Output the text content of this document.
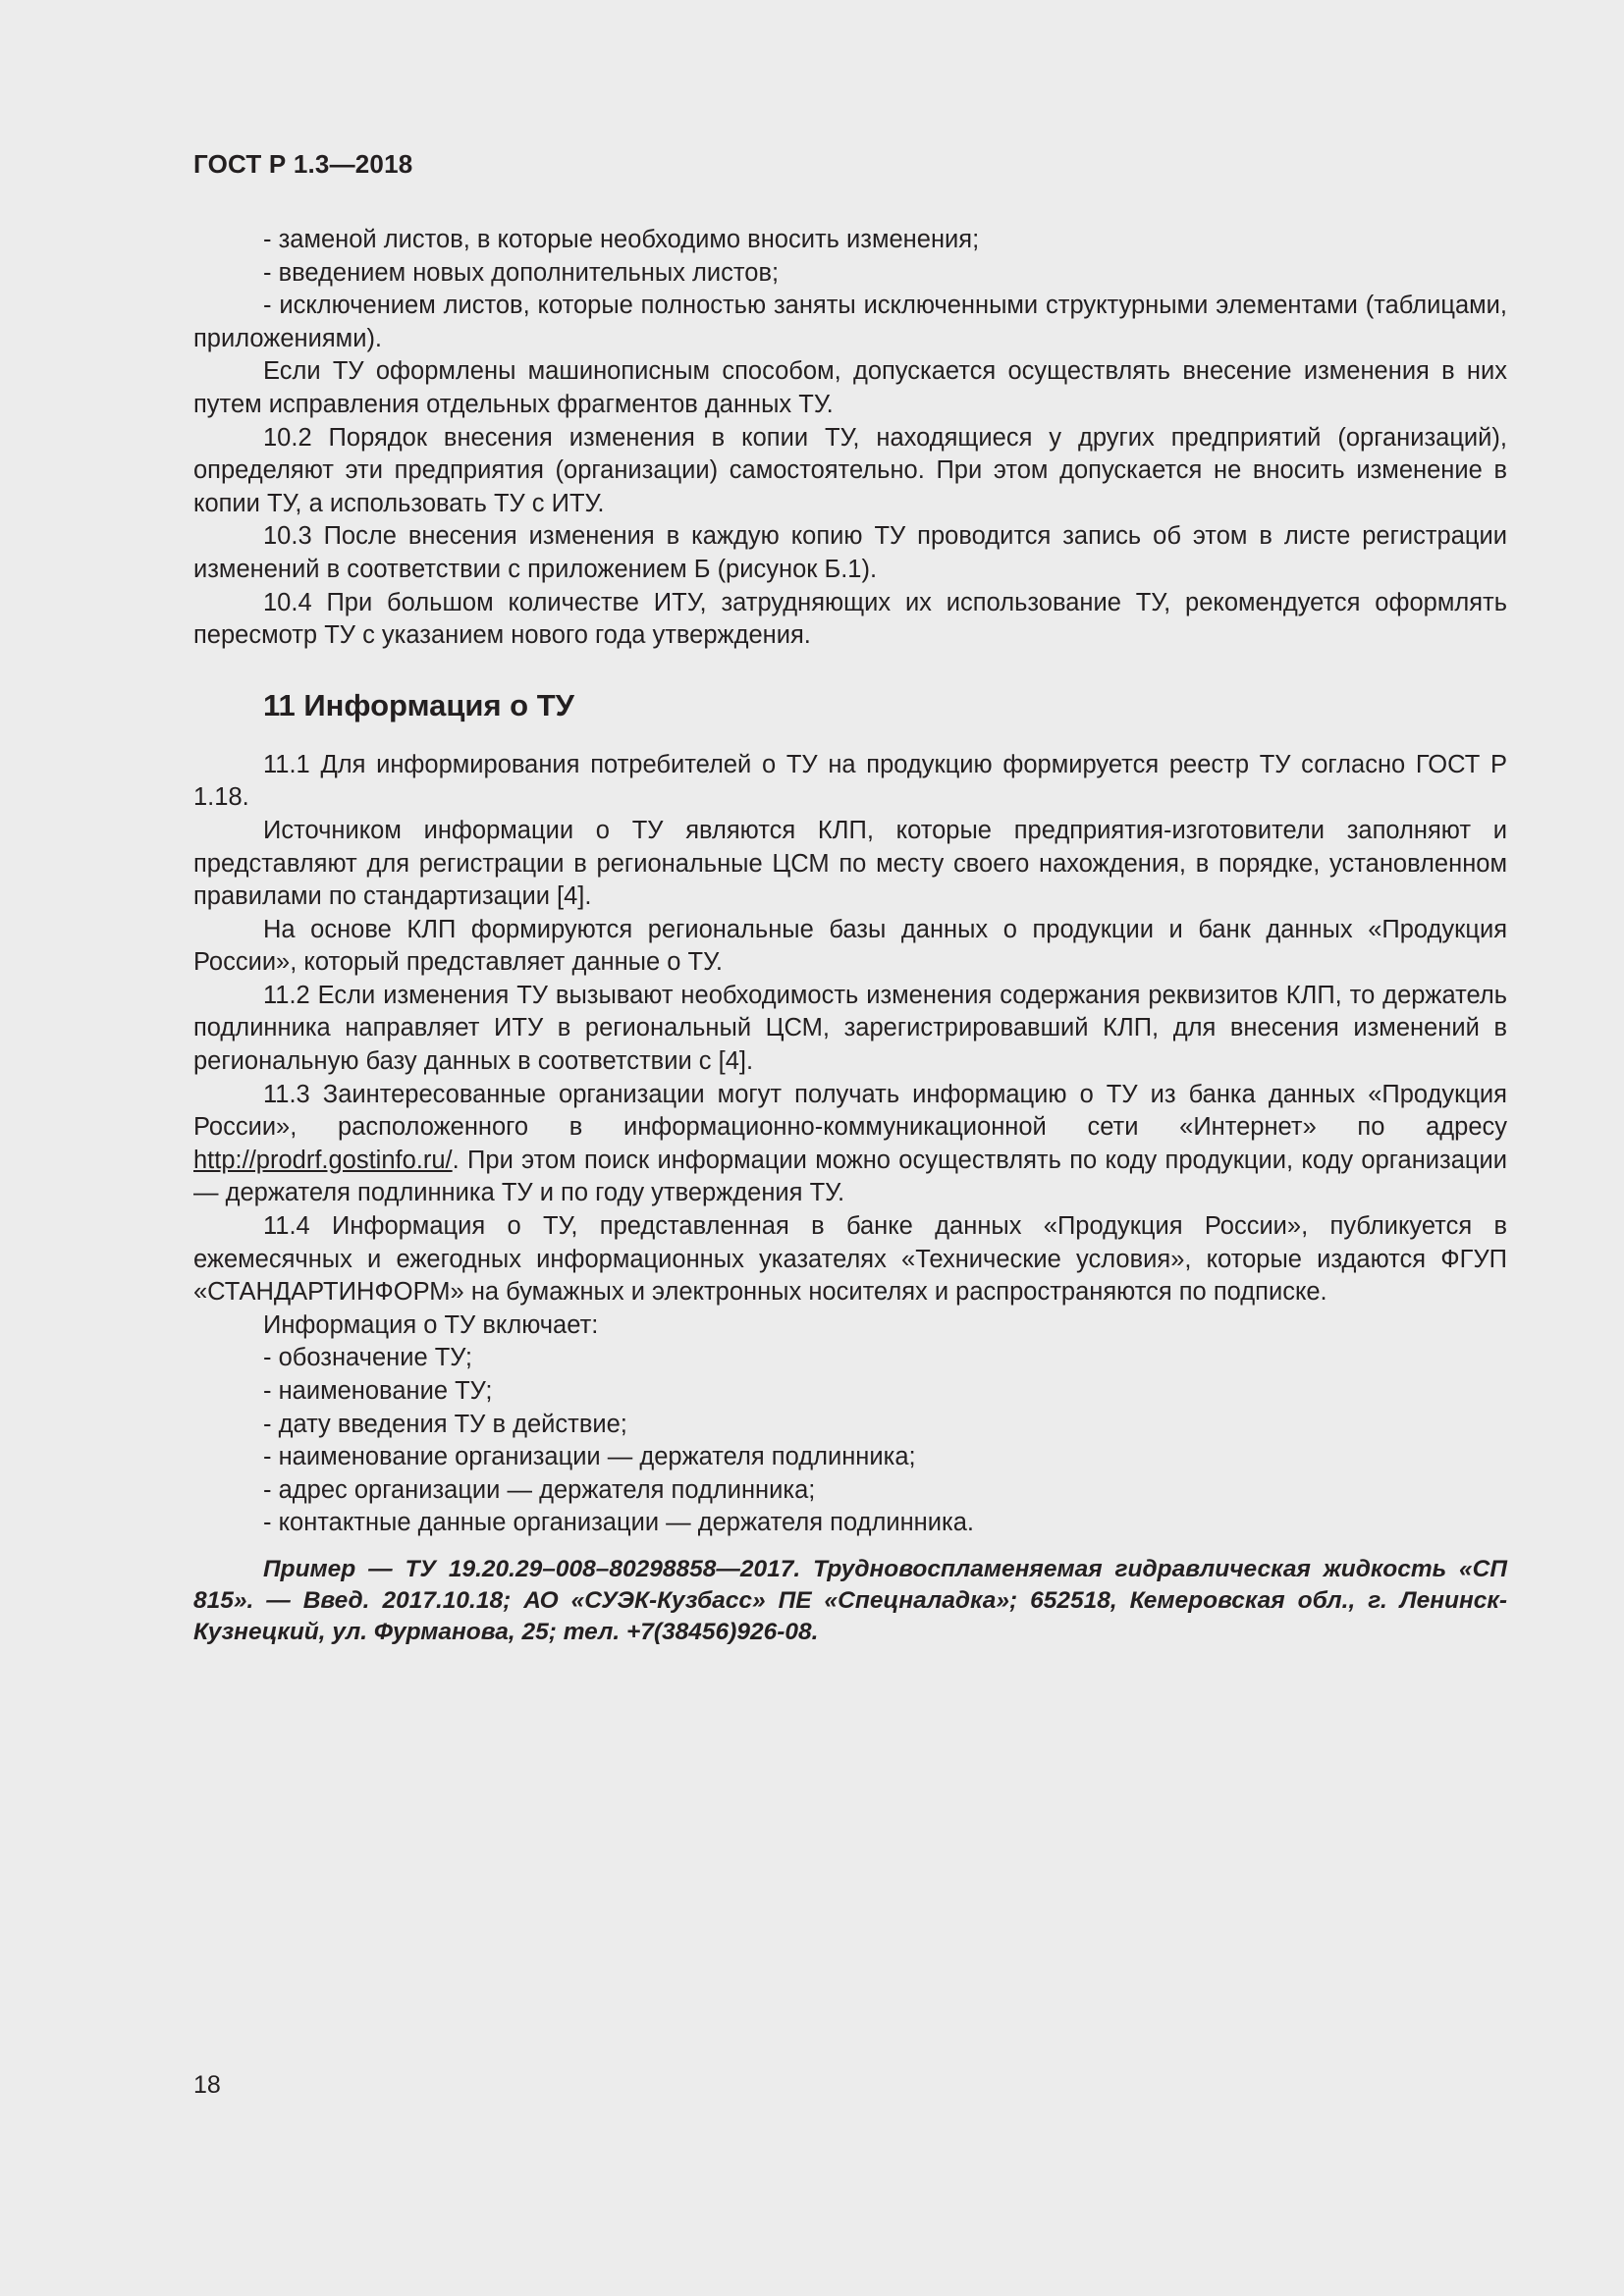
ГОСТ Р 1.3—2018

- заменой листов, в которые необходимо вносить изменения;

- введением новых дополнительных листов;

- исключением листов, которые полностью заняты исключенными структурными элементами (таблицами, приложениями).

Если ТУ оформлены машинописным способом, допускается осуществлять внесение изменения в них путем исправления отдельных фрагментов данных ТУ.

10.2 Порядок внесения изменения в копии ТУ, находящиеся у других предприятий (организаций), определяют эти предприятия (организации) самостоятельно. При этом допускается не вносить изменение в копии ТУ, а использовать ТУ с ИТУ.

10.3 После внесения изменения в каждую копию ТУ проводится запись об этом в листе регистрации изменений в соответствии с приложением Б (рисунок Б.1).

10.4 При большом количестве ИТУ, затрудняющих их использование ТУ, рекомендуется оформлять пересмотр ТУ с указанием нового года утверждения.

11 Информация о ТУ

11.1 Для информирования потребителей о ТУ на продукцию формируется реестр ТУ согласно ГОСТ Р 1.18.

Источником информации о ТУ являются КЛП, которые предприятия-изготовители заполняют и представляют для регистрации в региональные ЦСМ по месту своего нахождения, в порядке, установленном правилами по стандартизации [4].

На основе КЛП формируются региональные базы данных о продукции и банк данных «Продукция России», который представляет данные о ТУ.

11.2 Если изменения ТУ вызывают необходимость изменения содержания реквизитов КЛП, то держатель подлинника направляет ИТУ в региональный ЦСМ, зарегистрировавший КЛП, для внесения изменений в региональную базу данных в соответствии с [4].

11.3 Заинтересованные организации могут получать информацию о ТУ из банка данных «Продукция России», расположенного в информационно-коммуникационной сети «Интернет» по адресу http://prodrf.gostinfo.ru/. При этом поиск информации можно осуществлять по коду продукции, коду организации — держателя подлинника ТУ и по году утверждения ТУ.

11.4 Информация о ТУ, представленная в банке данных «Продукция России», публикуется в ежемесячных и ежегодных информационных указателях «Технические условия», которые издаются ФГУП «СТАНДАРТИНФОРМ» на бумажных и электронных носителях и распространяются по подписке.

Информация о ТУ включает:

- обозначение ТУ;

- наименование ТУ;

- дату введения ТУ в действие;

- наименование организации — держателя подлинника;

- адрес организации — держателя подлинника;

- контактные данные организации — держателя подлинника.

Пример — ТУ 19.20.29–008–80298858—2017. Трудновоспламеняемая гидравлическая жидкость «СП 815». — Введ. 2017.10.18; АО «СУЭК-Кузбасс» ПЕ «Спецналадка»; 652518, Кемеровская обл., г. Ленинск-Кузнецкий, ул. Фурманова, 25; тел. +7(38456)926-08.

18
